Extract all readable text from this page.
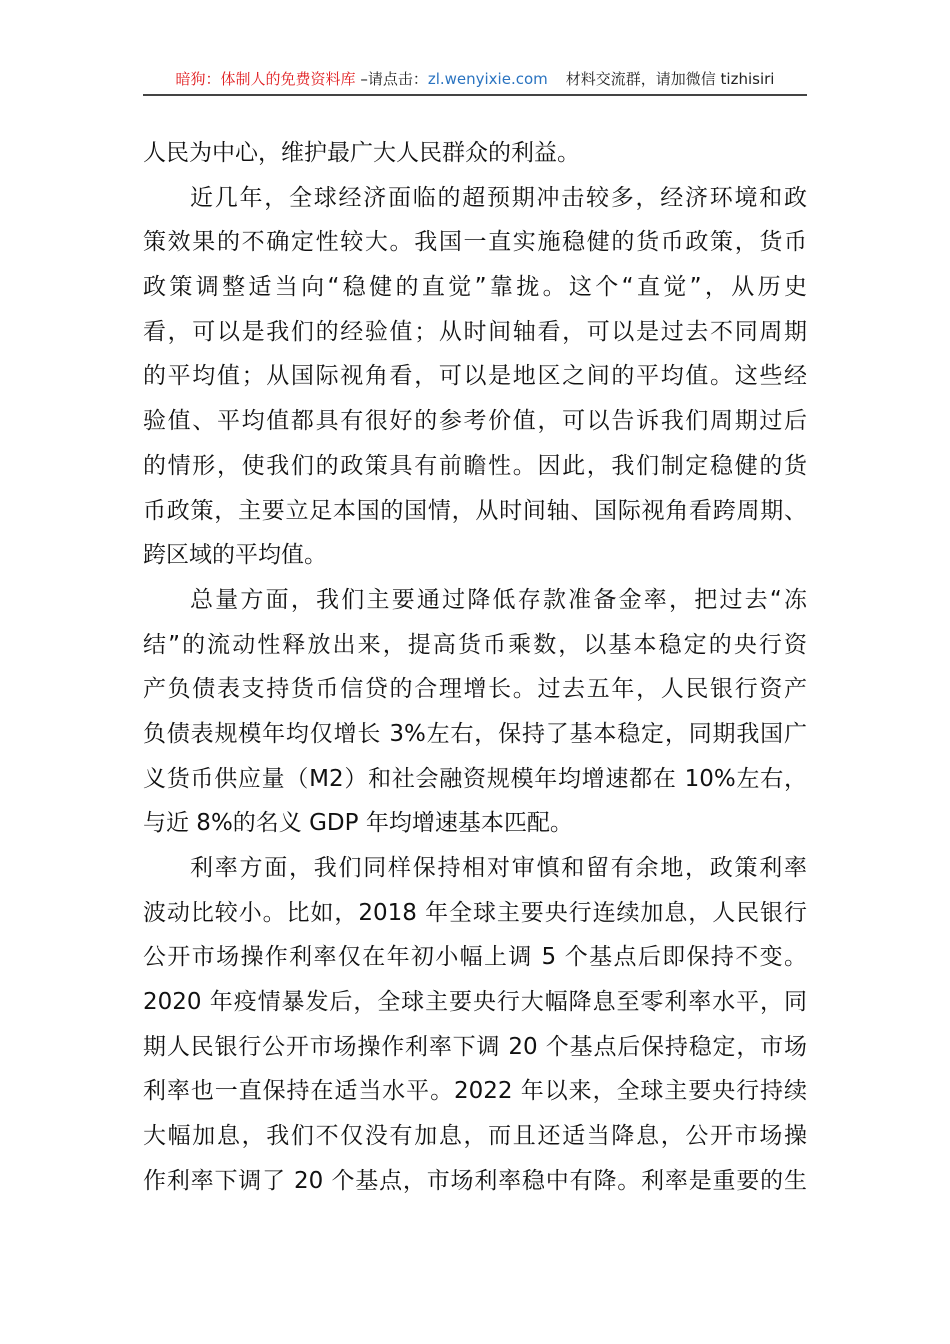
暗狗：体制人的免费资料库 –请点击：zl.wenyixie.com 材料交流群，请加微信 tizhisiri
人民为中心，维护最广大人民群众的利益。
近几年，全球经济面临的超预期冲击较多，经济环境和政
策效果的不确定性较大。我国一直实施稳健的货币政策，货币
政策调整适当向“稳健的直觉”靠拢。这个“直觉”，从历史
看，可以是我们的经验值；从时间轴看，可以是过去不同周期
的平均值；从国际视角看，可以是地区之间的平均值。这些经
验值、平均值都具有很好的参考价值，可以告诉我们周期过后
的情形，使我们的政策具有前瞻性。因此，我们制定稳健的货
币政策，主要立足本国的国情，从时间轴、国际视角看跨周期、
跨区域的平均值。
总量方面，我们主要通过降低存款准备金率，把过去“冻
结”的流动性释放出来，提高货币乘数，以基本稳定的央行资
产负债表支持货币信贷的合理增长。过去五年，人民银行资产
负债表规模年均仅增长 3%左右，保持了基本稳定，同期我国广
义货币供应量（M2）和社会融资规模年均增速都在 10%左右，
与近 8%的名义 GDP 年均增速基本匹配。
利率方面，我们同样保持相对审慎和留有余地，政策利率
波动比较小。比如，2018 年全球主要央行连续加息，人民银行
公开市场操作利率仅在年初小幅上调 5 个基点后即保持不变。
2020 年疫情暴发后，全球主要央行大幅降息至零利率水平，同
期人民银行公开市场操作利率下调 20 个基点后保持稳定，市场
利率也一直保持在适当水平。2022 年以来，全球主要央行持续
大幅加息，我们不仅没有加息，而且还适当降息，公开市场操
作利率下调了 20 个基点，市场利率稳中有降。利率是重要的生
